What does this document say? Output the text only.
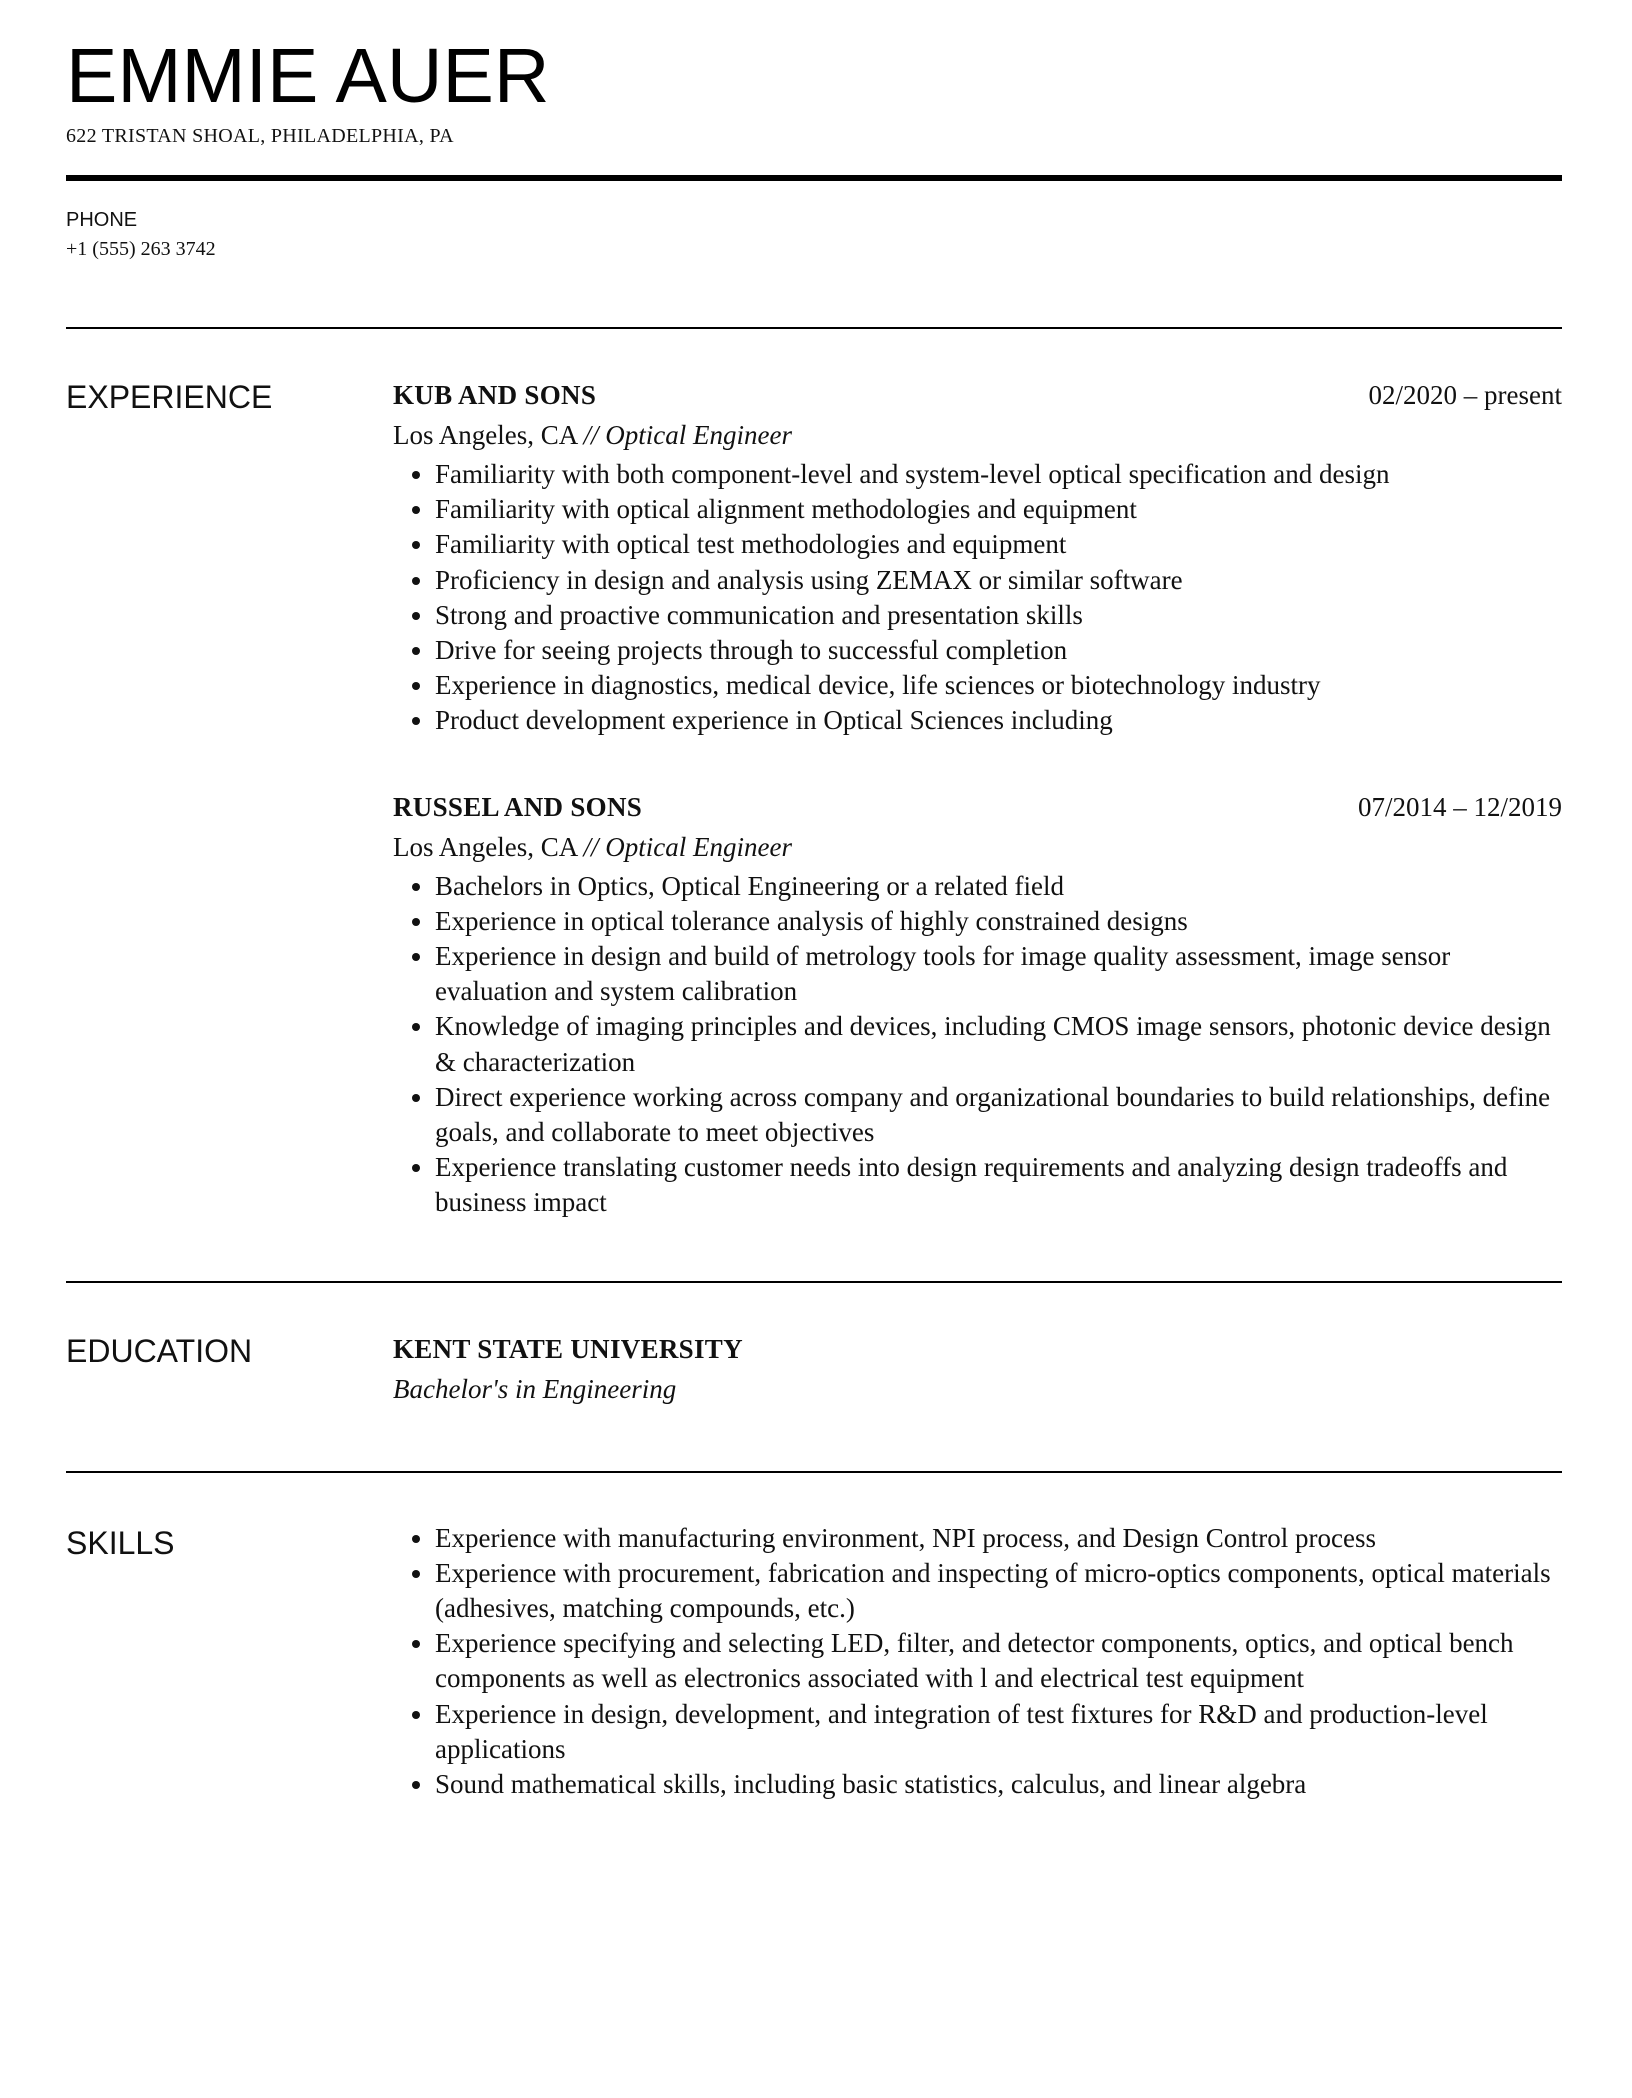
EMMIE AUER
622 TRISTAN SHOAL, PHILADELPHIA, PA
PHONE
+1 (555) 263 3742
EXPERIENCE	KUB AND SONS	02/2020 – present
Los Angeles, CA // Optical Engineer
• Familiarity with both component-level and system-level optical specification and design
• Familiarity with optical alignment methodologies and equipment
• Familiarity with optical test methodologies and equipment
• Proficiency in design and analysis using ZEMAX or similar software
• Strong and proactive communication and presentation skills
• Drive for seeing projects through to successful completion
• Experience in diagnostics, medical device, life sciences or biotechnology industry
• Product development experience in Optical Sciences including
RUSSEL AND SONS	07/2014 – 12/2019
Los Angeles, CA // Optical Engineer
• Bachelors in Optics, Optical Engineering or a related field
• Experience in optical tolerance analysis of highly constrained designs
• Experience in design and build of metrology tools for image quality assessment, image sensor evaluation and system calibration
• Knowledge of imaging principles and devices, including CMOS image sensors, photonic device design & characterization
• Direct experience working across company and organizational boundaries to build relationships, define goals, and collaborate to meet objectives
• Experience translating customer needs into design requirements and analyzing design tradeoffs and business impact
EDUCATION	KENT STATE UNIVERSITY
Bachelor's in Engineering
SKILLS
•	Experience with manufacturing environment, NPI process, and Design Control process
• Experience with procurement, fabrication and inspecting of micro-optics components, optical materials (adhesives, matching compounds, etc.)
• Experience specifying and selecting LED, filter, and detector components, optics, and optical bench components as well as electronics associated with l and electrical test equipment
• Experience in design, development, and integration of test fixtures for R&D and production-level applications
• Sound mathematical skills, including basic statistics, calculus, and linear algebra
